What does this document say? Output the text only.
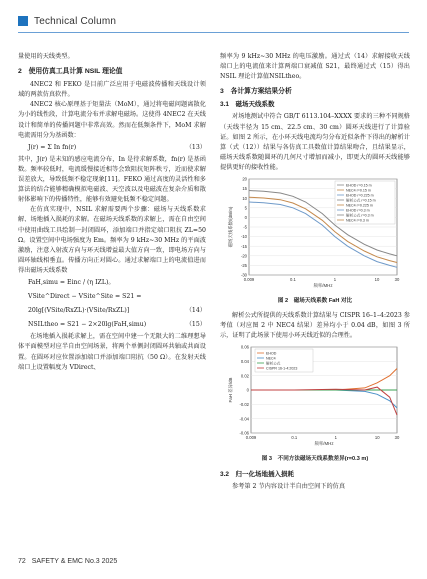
Technical Column

量使用的天线类型。

2　使用仿真工具计算 NSIL 理论值

4NEC2 和 FEKO 是目前广泛应用于电磁波传播和天线设计领域的两款仿真软件。

4NEC2 核心原理基于矩量法（MoM），通过将电磁问题离散化为小的线性段，计算电流分布并求解电磁场。这使得 4NEC2 在天线设计和简单的传播问题中非常高效。然而在低频条件下，MoM 求解电流需用分为基函数：

J(r) = Σ In fn(r)	（13）

其中，J(r) 是未知的感应电流分布，In 是待求解系数，fn(r) 是基函数。频率较低时，电流缓慢接近相等会致阻抗矩阵秩亏，近而使求解误差放大，导致低频不稳定现象[11]。FEKO 通过高度的灵活性和多算法的结合能够精确模拟电磁波、天空波以及电磁波在复杂介质和散射体影响下的传播特性，能够有效避免低频不稳定问题。

在仿真实现中，NSIL 求解需要两个步骤：磁场与天线系数求解、场地插入损耗的求解。在磁场天线系数的求解上，需在自由空间中使用曲线工具绘制一封闭圆环，添加端口并指定端口阻抗 ZL=50 Ω。设置空间中电场强度为 Em。频率为 9 kHz~30 MHz 的平面波激励，注意入射波方向与环天线增益最大值方向一致，即电场方向与圆环轴线相垂直。传播方向正对圆心。通过求解端口上的电流值进而得出磁场天线系数

FaH,simu = Einc / (η IZL)。
VSite^Direct − VSite^Site = S21 =
20lg[(VSite/RxZL)·(VSite/RxZL)]	（14）
NSILtheo = S21 − 2×20lg(FaH,simu)	（15）

在场地插入损耗求解上，需在空间中建一个无限大的二维理想导体平面模型对应半自由空间场景，将两个单侧封闭圆环共轴或共面设置。在圆环对应位置添加端口并添加端口阻抗（50 Ω）。在发射天线端口上设置幅度为 VDirect、

频率为 9 kHz~30 MHz 的电压激励。通过式（14）求解接收天线端口上的电流值来计算两端口衰减值 S21，最终通过式（15）得出 NSIL 理论计算值NSILtheo。

3　各计算方案结果分析
3.1　磁场天线系数

对场地测试中符合 GB/T 6113.104–XXXX 要求的三种不同规格（天线半径为 15 cm、22.5 cm、30 cm）圆环天线进行了计算验证。如图 2 所示，在小环天线电流均匀分布近似条件下得出的解析计算（式（12））结果与各仿真工具数值计算结果吻合，且结果显示，磁场天线系数随圆环的几何尺寸增加而减小，即更大的圆环天线能够提供更好的接收性能。

20
15
10
5
0
-5
-10
-15
-20
-25
-30
0.009	0.1	1	10	30
频率/MHz
磁场天线系数/(dB/m)
EHOD r=0.15 m
NEC4 r=0.15 m
EHOD r=0.225 m
解析公式 r=0.15 m
NEC4 r=0.225 m
EHOD r=0.3 m
解析公式 r=0.3 m
NEC4 r=0.3 m
图 2　磁场天线系数 FaH 对比

解析公式所提供的天线系数计算结果与 CISPR 16–1–4:2023 参考值（对应图 2 中 NEC4 结果）差异均小于 0.04 dB，如图 3 所示，证明了此场景下使用小环天线近似的合理性。

0.06
0.04
0.02
0
-0.02
-0.04
-0.06
0.009	0.1	1	10	30
频率/MHz
FaH 差异/dB
EHOD
NEC4
解析公式
CISPR 16-1-4:2023
图 3　不同方法磁场天线系数差异(r=0.3 m)
3.2　归一化场地插入损耗

参考第 2 节内容设计半自由空间下的仿真

72 SAFETY & EMC No.3 2025
